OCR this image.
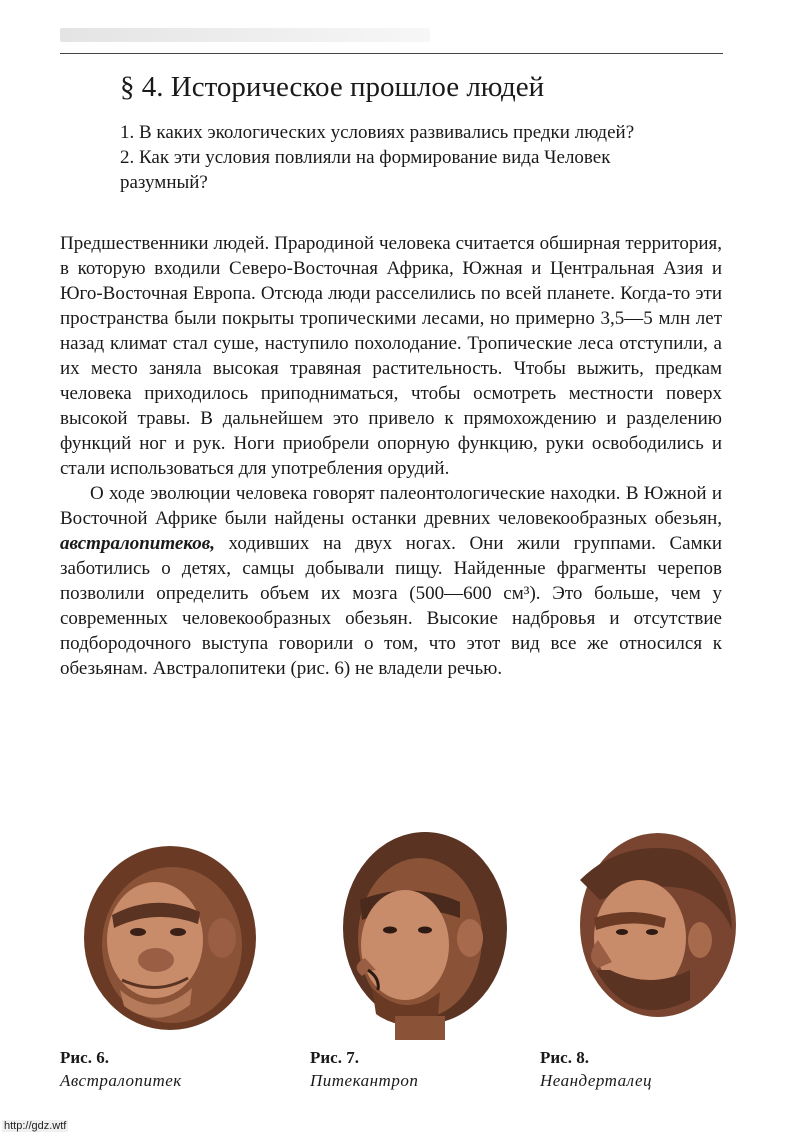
§ 4. Историческое прошлое людей

1. В каких экологических условиях развивались предки людей?

2. Как эти условия повлияли на формирование вида Человек разумный?

Предшественники людей. Прародиной человека считается обширная территория, в которую входили Северо-Восточная Африка, Южная и Центральная Азия и Юго-Восточная Европа. Отсюда люди расселились по всей планете. Когда-то эти пространства были покрыты тропическими лесами, но примерно 3,5—5 млн лет назад климат стал суше, наступило похолодание. Тропические леса отступили, а их место заняла высокая травяная растительность. Чтобы выжить, предкам человека приходилось приподниматься, чтобы осмотреть местности поверх высокой травы. В дальнейшем это привело к прямохождению и разделению функций ног и рук. Ноги приобрели опорную функцию, руки освободились и стали использоваться для употребления орудий.

О ходе эволюции человека говорят палеонтологические находки. В Южной и Восточной Африке были найдены останки древних человекообразных обезьян, австралопитеков, ходивших на двух ногах. Они жили группами. Самки заботились о детях, самцы добывали пищу. Найденные фрагменты черепов позволили определить объем их мозга (500—600 см³). Это больше, чем у современных человекообразных обезьян. Высокие надбровья и отсутствие подбородочного выступа говорили о том, что этот вид все же относился к обезьянам. Австралопитеки (рис. 6) не владели речью.

Рис. 6.
Австралопитек
Рис. 7.
Питекантроп
Рис. 8.
Неандерталец
http://gdz.wtf
